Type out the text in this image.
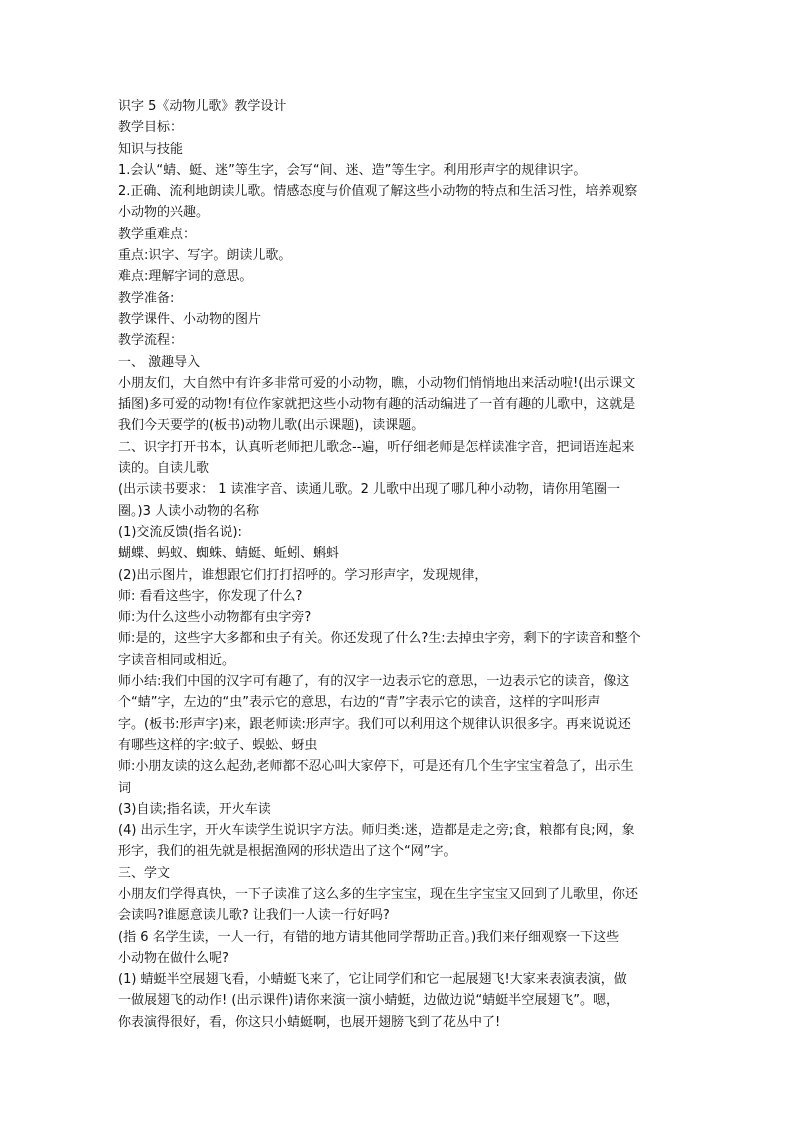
识字 5《动物儿歌》教学设计

教学目标：

知识与技能

1.会认“蜻、蜓、迷”等生字，会写“间、迷、造”等生字。利用形声字的规律识字。

2.正确、流利地朗读儿歌。情感态度与价值观了解这些小动物的特点和生活习性，培养观察

小动物的兴趣。

教学重难点：

重点:识字、写字。朗读儿歌。

难点:理解字词的意思。

教学准备:

教学课件、小动物的图片

教学流程：

一、 激趣导入

小朋友们，大自然中有许多非常可爱的小动物，瞧，小动物们悄悄地出来活动啦!(出示课文

插图)多可爱的动物!有位作家就把这些小动物有趣的活动编进了一首有趣的儿歌中，这就是

我们今天要学的(板书)动物儿歌(出示课题)，读课题。

二、识字打开书本，认真听老师把儿歌念--遍，听仔细老师是怎样读准字音，把词语连起来

读的。自读儿歌

(出示读书要求： 1 读准字音、读通儿歌。2 儿歌中出现了哪几种小动物，请你用笔圈一

圈。)3 人读小动物的名称

(1)交流反馈(指名说):

蝴蝶、蚂蚁、蜘蛛、蜻蜓、蚯蚓、蝌蚪

(2)出示图片，谁想跟它们打打招呼的。学习形声字，发现规律，

师: 看看这些字，你发现了什么?

师:为什么这些小动物都有虫字旁?

师:是的，这些字大多都和虫子有关。你还发现了什么?生:去掉虫字旁，剩下的字读音和整个

字读音相同或相近。

师小结:我们中国的汉字可有趣了，有的汉字一边表示它的意思，一边表示它的读音，像这

个“蜻”字，左边的“虫”表示它的意思，右边的“青”字表示它的读音，这样的字叫形声

字。(板书:形声字)来，跟老师读:形声字。我们可以利用这个规律认识很多字。再来说说还

有哪些这样的字:蚊子、蜈蚣、蚜虫

师:小朋友读的这么起劲,老师都不忍心叫大家停下，可是还有几个生字宝宝着急了，出示生

词

(3)自读;指名读，开火车读

(4) 出示生字，开火车读学生说识字方法。师归类:迷，造都是走之旁;食，粮都有良;网，象

形字，我们的祖先就是根据渔网的形状造出了这个“网”字。

三、学文

小朋友们学得真快，一下子读准了这么多的生字宝宝，现在生字宝宝又回到了儿歌里，你还

会读吗?谁愿意读儿歌? 让我们一人读一行好吗?

(指 6 名学生读，一人一行，有错的地方请其他同学帮助正音。)我们来仔细观察一下这些

小动物在做什么呢?

(1) 蜻蜓半空展翅飞看，小蜻蜓飞来了，它让同学们和它一起展翅飞!大家来表演表演，做

一做展翅飞的动作! (出示课件)请你来演一演小蜻蜓，边做边说“蜻蜓半空展翅飞”。嗯，

你表演得很好，看，你这只小蜻蜓啊，也展开翅膀飞到了花丛中了!
